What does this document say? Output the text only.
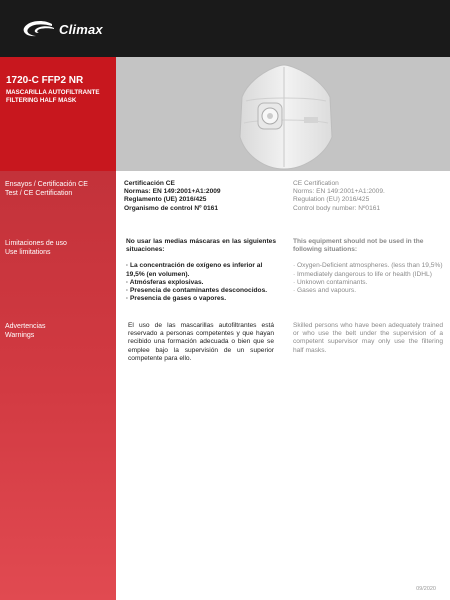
Climax
1720-C FFP2 NR
MASCARILLA AUTOFILTRANTE
FILTERING HALF MASK
Ensayos / Certificación CE
Test / CE Certification
Limitaciones de uso
Use limitations
Advertencias
Warnings
Certificación CE
Normas: EN 149:2001+A1:2009
Reglamento (UE) 2016/425
Organismo de control Nº 0161
CE Certification
Norms: EN 149:2001+A1:2009.
Regulation (EU) 2016/425
Control body number: Nº0161
No usar las medias máscaras en las siguientes situaciones:
· La concentración de oxígeno es inferior al 19,5% (en volumen).
· Atmósferas explosivas.
· Presencia de contaminantes desconocidos.
· Presencia de gases o vapores.
This equipment should not be used in the following situations:
· Oxygen-Deficient atmospheres. (less than 19,5%)
· Immediately dangerous to life or health (IDHL)
· Unknown contaminants.
· Gases and vapours.
El uso de las mascarillas autofiltrantes está reservado a personas competentes y que hayan recibido una formación adecuada o bien que se emplee bajo la supervisión de un superior competente para ello.
Skilled persons who have been adequately trained or who use the belt under the supervision of a competent supervisor may only use the filtering half masks.
09/2020
